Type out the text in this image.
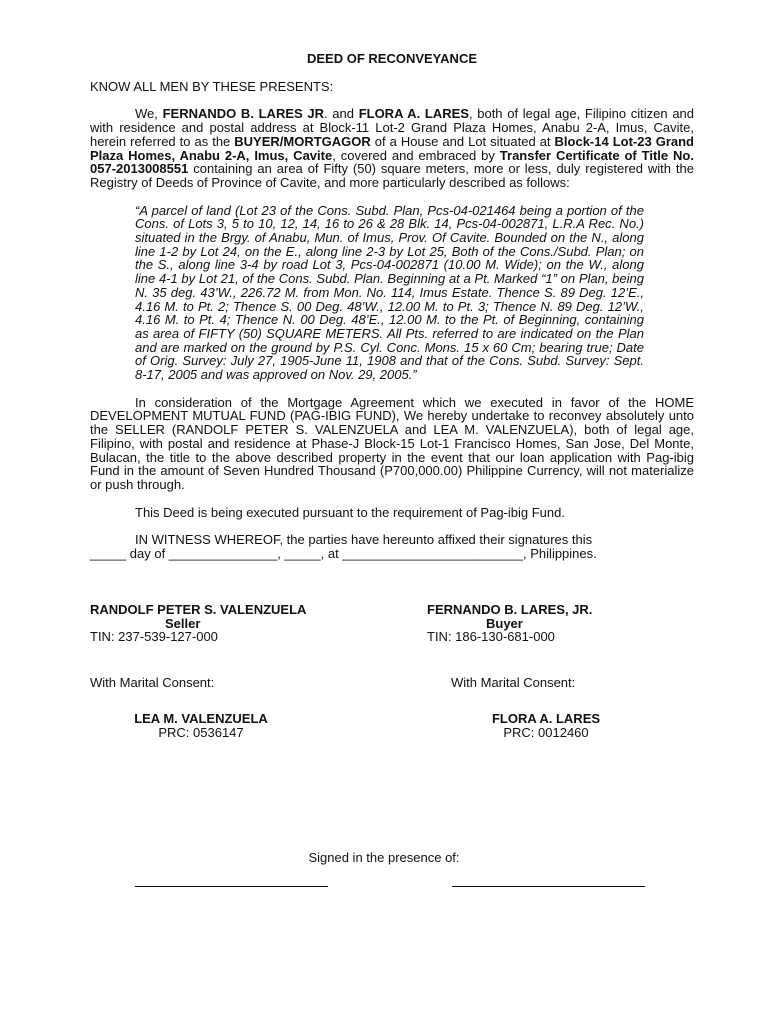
DEED OF RECONVEYANCE

KNOW ALL MEN BY THESE PRESENTS:

We, FERNANDO B. LARES JR. and FLORA A. LARES, both of legal age, Filipino citizen and with residence and postal address at Block-11 Lot-2 Grand Plaza Homes, Anabu 2-A, Imus, Cavite, herein referred to as the BUYER/MORTGAGOR of a House and Lot situated at Block-14 Lot-23 Grand Plaza Homes, Anabu 2-A, Imus, Cavite, covered and embraced by Transfer Certificate of Title No. 057-2013008551 containing an area of Fifty (50) square meters, more or less, duly registered with the Registry of Deeds of Province of Cavite, and more particularly described as follows:

“A parcel of land (Lot 23 of the Cons. Subd. Plan, Pcs-04-021464 being a portion of the Cons. of Lots 3, 5 to 10, 12, 14, 16 to 26 & 28 Blk. 14, Pcs-04-002871, L.R.A Rec. No.) situated in the Brgy. of Anabu, Mun. of Imus, Prov. Of Cavite. Bounded on the N., along line 1-2 by Lot 24, on the E., along line 2-3 by Lot 25, Both of the Cons./Subd. Plan; on the S., along line 3-4 by road Lot 3, Pcs-04-002871 (10.00 M. Wide); on the W., along line 4-1 by Lot 21, of the Cons. Subd. Plan. Beginning at a Pt. Marked “1” on Plan, being N. 35 deg. 43’W., 226.72 M. from Mon. No. 114, Imus Estate. Thence S. 89 Deg. 12’E., 4.16 M. to Pt. 2; Thence S. 00 Deg. 48’W., 12.00 M. to Pt. 3; Thence N. 89 Deg. 12’W., 4.16 M. to Pt. 4; Thence N. 00 Deg. 48’E., 12.00 M. to the Pt. of Beginning, containing as area of FIFTY (50) SQUARE METERS. All Pts. referred to are indicated on the Plan and are marked on the ground by P.S. Cyl. Conc. Mons. 15 x 60 Cm; bearing true; Date of Orig. Survey: July 27, 1905-June 11, 1908 and that of the Cons. Subd. Survey: Sept. 8-17, 2005 and was approved on Nov. 29, 2005.”

In consideration of the Mortgage Agreement which we executed in favor of the HOME DEVELOPMENT MUTUAL FUND (PAG-IBIG FUND), We hereby undertake to reconvey absolutely unto the SELLER (RANDOLF PETER S. VALENZUELA and LEA M. VALENZUELA), both of legal age, Filipino, with postal and residence at Phase-J Block-15 Lot-1 Francisco Homes, San Jose, Del Monte, Bulacan, the title to the above described property in the event that our loan application with Pag-ibig Fund in the amount of Seven Hundred Thousand (P700,000.00) Philippine Currency, will not materialize or push through.

This Deed is being executed pursuant to the requirement of Pag-ibig Fund.

IN WITNESS WHEREOF, the parties have hereunto affixed their signatures this

_____ day of _______________, _____, at _________________________, Philippines.

RANDOLF PETER S. VALENZUELA
Seller
TIN: 237-539-127-000
FERNANDO B. LARES, JR.
Buyer
TIN: 186-130-681-000
With Marital Consent:	With Marital Consent:
LEA M. VALENZUELA
PRC: 0536147
FLORA A. LARES
PRC: 0012460
Signed in the presence of:
